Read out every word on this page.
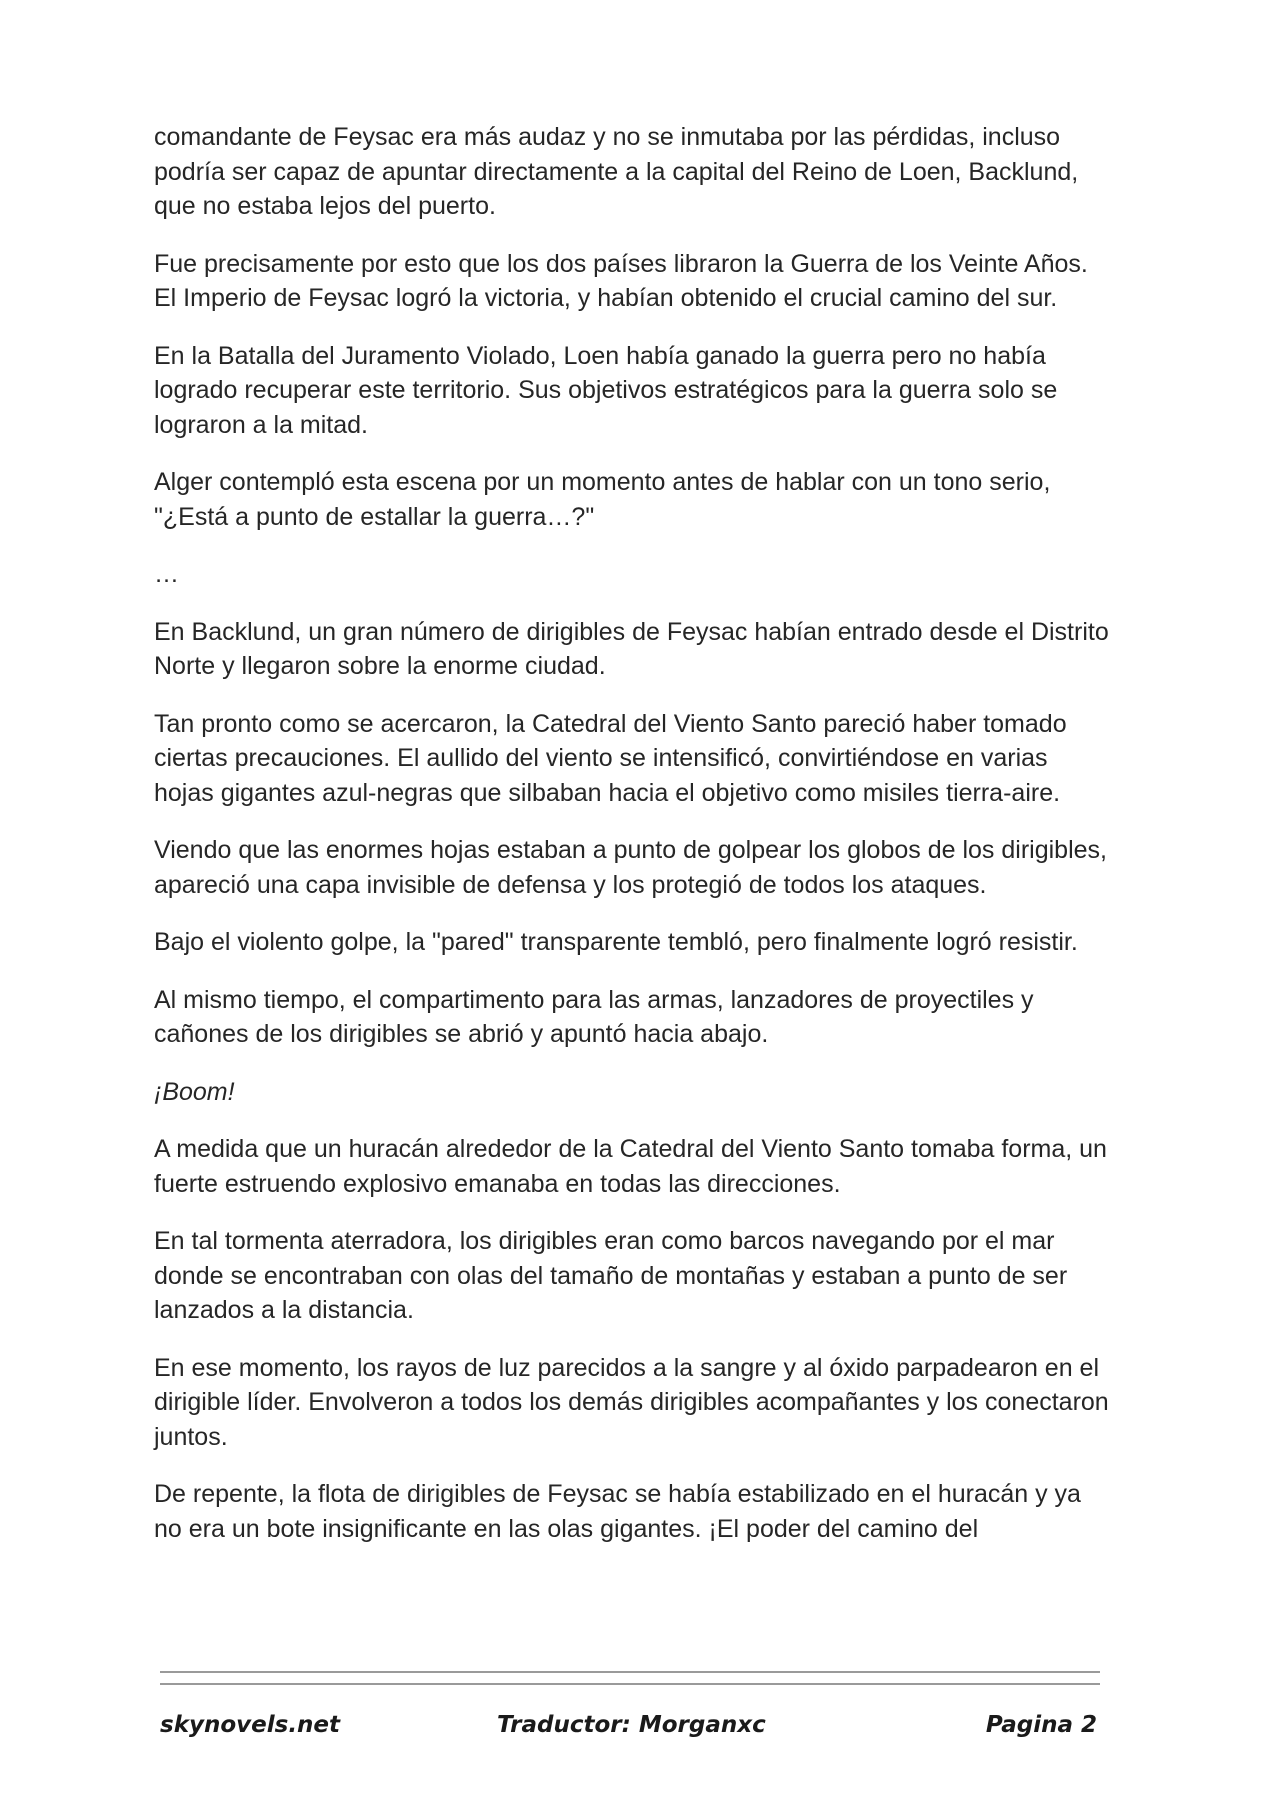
comandante de Feysac era más audaz y no se inmutaba por las pérdidas, incluso podría ser capaz de apuntar directamente a la capital del Reino de Loen, Backlund, que no estaba lejos del puerto.

Fue precisamente por esto que los dos países libraron la Guerra de los Veinte Años. El Imperio de Feysac logró la victoria, y habían obtenido el crucial camino del sur.

En la Batalla del Juramento Violado, Loen había ganado la guerra pero no había logrado recuperar este territorio. Sus objetivos estratégicos para la guerra solo se lograron a la mitad.

Alger contempló esta escena por un momento antes de hablar con un tono serio, "¿Está a punto de estallar la guerra…?"

…

En Backlund, un gran número de dirigibles de Feysac habían entrado desde el Distrito Norte y llegaron sobre la enorme ciudad.

Tan pronto como se acercaron, la Catedral del Viento Santo pareció haber tomado ciertas precauciones. El aullido del viento se intensificó, convirtiéndose en varias hojas gigantes azul-negras que silbaban hacia el objetivo como misiles tierra-aire.

Viendo que las enormes hojas estaban a punto de golpear los globos de los dirigibles, apareció una capa invisible de defensa y los protegió de todos los ataques.

Bajo el violento golpe, la "pared" transparente tembló, pero finalmente logró resistir.

Al mismo tiempo, el compartimento para las armas, lanzadores de proyectiles y cañones de los dirigibles se abrió y apuntó hacia abajo.

¡Boom!

A medida que un huracán alrededor de la Catedral del Viento Santo tomaba forma, un fuerte estruendo explosivo emanaba en todas las direcciones.

En tal tormenta aterradora, los dirigibles eran como barcos navegando por el mar donde se encontraban con olas del tamaño de montañas y estaban a punto de ser lanzados a la distancia.

En ese momento, los rayos de luz parecidos a la sangre y al óxido parpadearon en el dirigible líder. Envolveron a todos los demás dirigibles acompañantes y los conectaron juntos.

De repente, la flota de dirigibles de Feysac se había estabilizado en el huracán y ya no era un bote insignificante en las olas gigantes. ¡El poder del camino del

skynovels.net	Traductor: Morganxc	Pagina 2
